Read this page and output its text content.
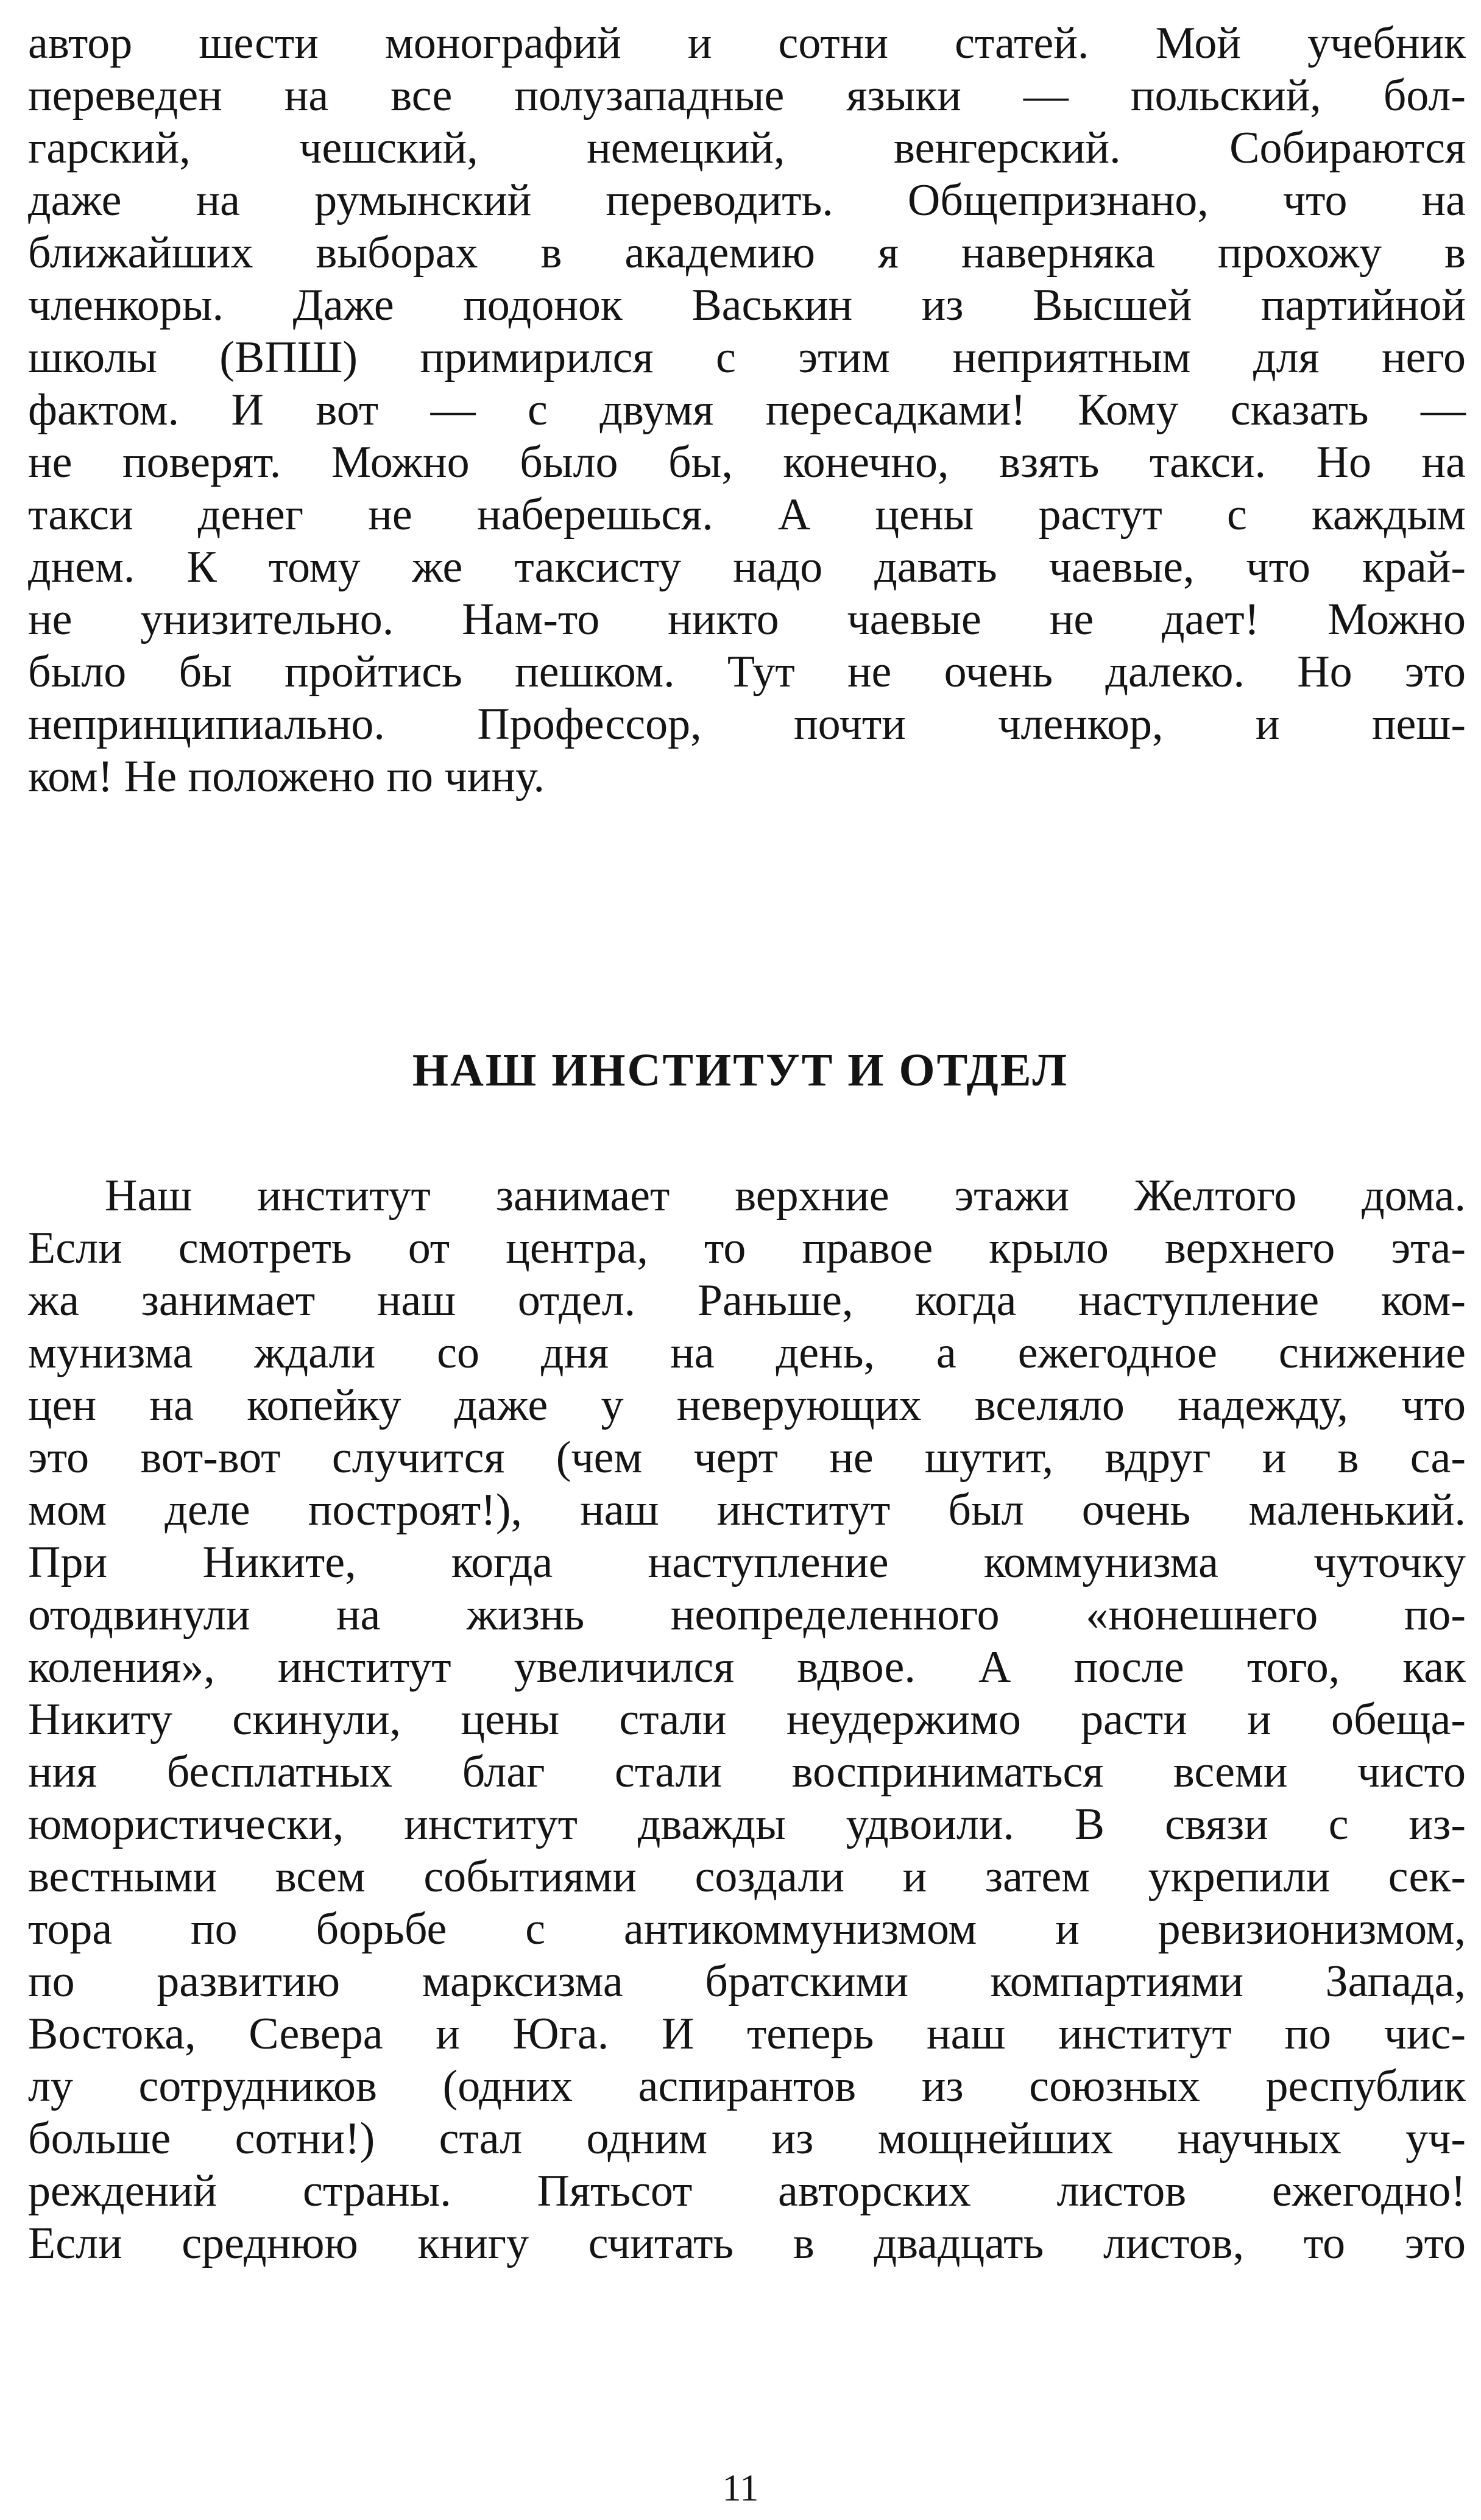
автор шести монографий и сотни статей. Мой учебник

переведен на все полузападные языки — польский, бол-

гарский, чешский, немецкий, венгерский. Собираются

даже на румынский переводить. Общепризнано, что на

ближайших выборах в академию я наверняка прохожу в

членкоры. Даже подонок Васькин из Высшей партийной

школы (ВПШ) примирился с этим неприятным для него

фактом. И вот — с двумя пересадками! Кому сказать —

не поверят. Можно было бы, конечно, взять такси. Но на

такси денег не наберешься. А цены растут с каждым

днем. К тому же таксисту надо давать чаевые, что край-

не унизительно. Нам-то никто чаевые не дает! Можно

было бы пройтись пешком. Тут не очень далеко. Но это

непринципиально. Профессор, почти членкор, и пеш-

ком! Не положено по чину.

НАШ ИНСТИТУТ И ОТДЕЛ

Наш институт занимает верхние этажи Желтого дома.

Если смотреть от центра, то правое крыло верхнего эта-

жа занимает наш отдел. Раньше, когда наступление ком-

мунизма ждали со дня на день, а ежегодное снижение

цен на копейку даже у неверующих вселяло надежду, что

это вот-вот случится (чем черт не шутит, вдруг и в са-

мом деле построят!), наш институт был очень маленький.

При Никите, когда наступление коммунизма чуточку

отодвинули на жизнь неопределенного «нонешнего по-

коления», институт увеличился вдвое. А после того, как

Никиту скинули, цены стали неудержимо расти и обеща-

ния бесплатных благ стали восприниматься всеми чисто

юмористически, институт дважды удвоили. В связи с из-

вестными всем событиями создали и затем укрепили сек-

тора по борьбе с антикоммунизмом и ревизионизмом,

по развитию марксизма братскими компартиями Запада,

Востока, Севера и Юга. И теперь наш институт по чис-

лу сотрудников (одних аспирантов из союзных республик

больше сотни!) стал одним из мощнейших научных уч-

реждений страны. Пятьсот авторских листов ежегодно!

Если среднюю книгу считать в двадцать листов, то это

11
